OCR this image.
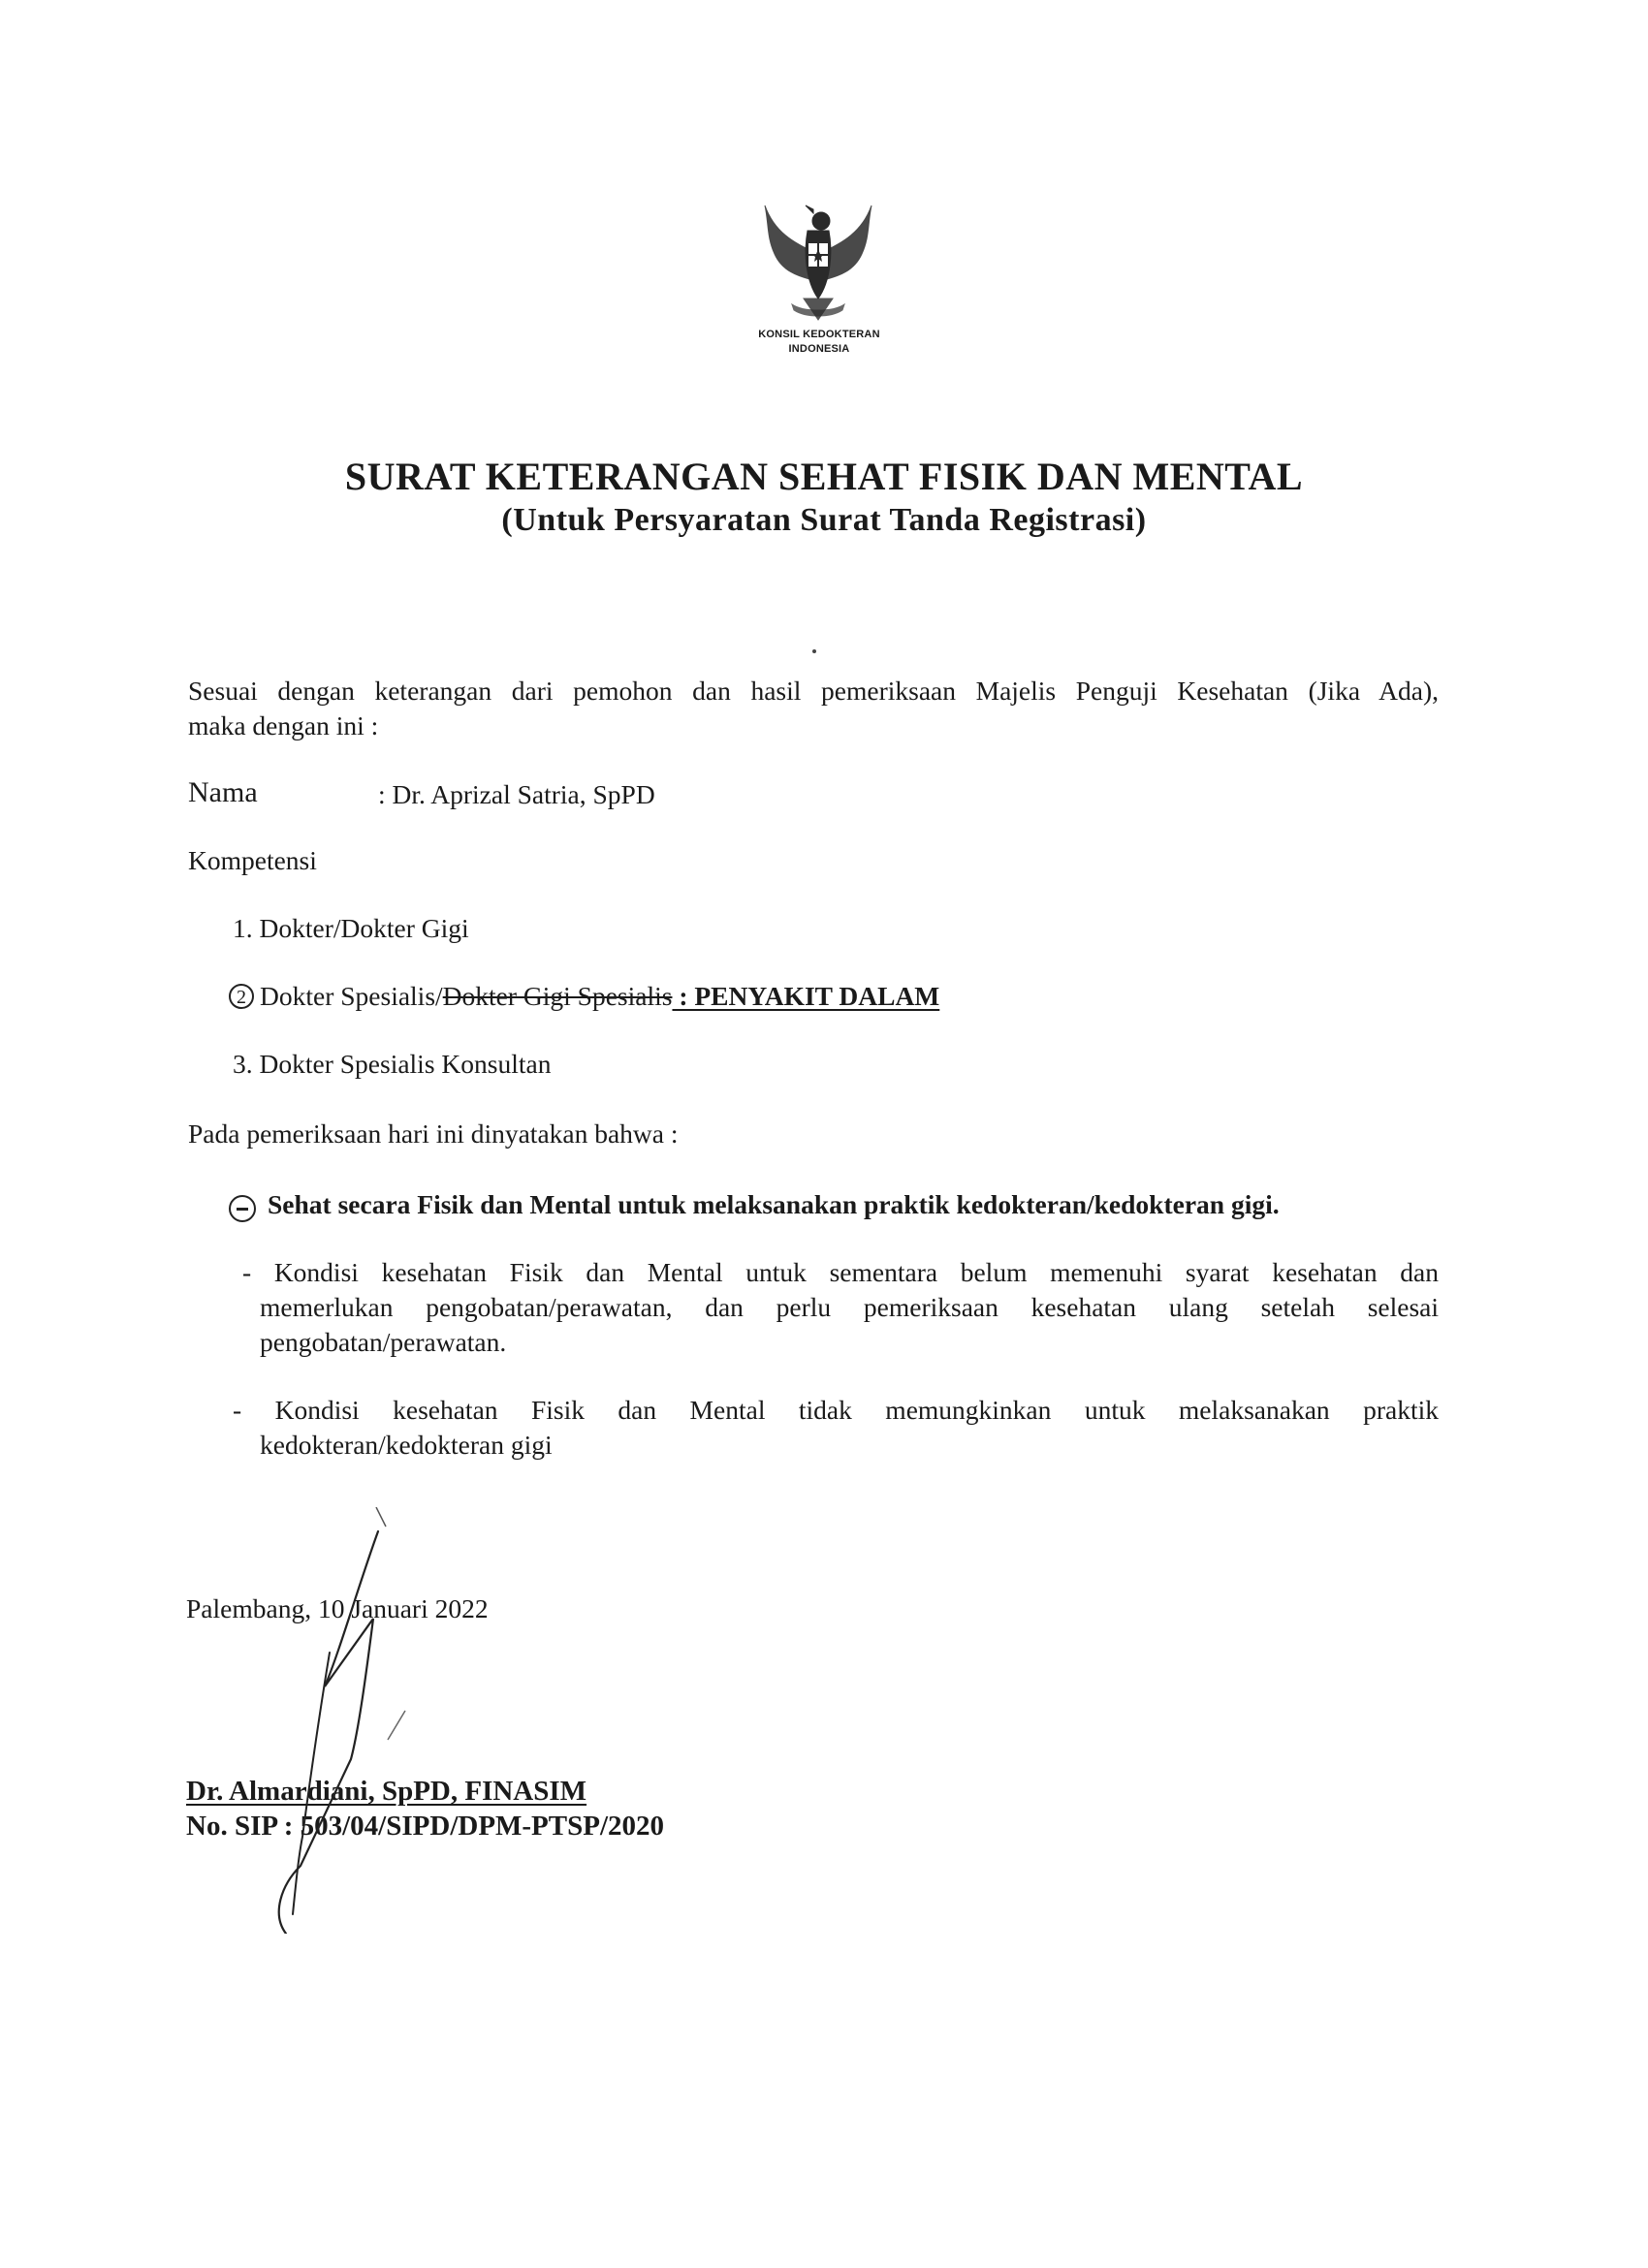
KONSIL KEDOKTERAN
INDONESIA
SURAT KETERANGAN SEHAT FISIK DAN MENTAL
(Untuk Persyaratan Surat Tanda Registrasi)
Sesuai dengan keterangan dari pemohon dan hasil pemeriksaan Majelis Penguji Kesehatan (Jika Ada),
maka dengan ini :
Nama	: Dr. Aprizal Satria, SpPD
Kompetensi
1. Dokter/Dokter Gigi
2 Dokter Spesialis/Dokter Gigi Spesialis : PENYAKIT DALAM
3. Dokter Spesialis Konsultan
Pada pemeriksaan hari ini dinyatakan bahwa :
Sehat secara Fisik dan Mental untuk melaksanakan praktik kedokteran/kedokteran gigi.
- Kondisi kesehatan Fisik dan Mental untuk sementara belum memenuhi syarat kesehatan dan
memerlukan pengobatan/perawatan, dan perlu pemeriksaan kesehatan ulang setelah selesai
pengobatan/perawatan.
- Kondisi kesehatan Fisik dan Mental tidak memungkinkan untuk melaksanakan praktik
kedokteran/kedokteran gigi
Palembang, 10 Januari 2022
Dr. Almardiani, SpPD, FINASIM
No. SIP : 503/04/SIPD/DPM-PTSP/2020
